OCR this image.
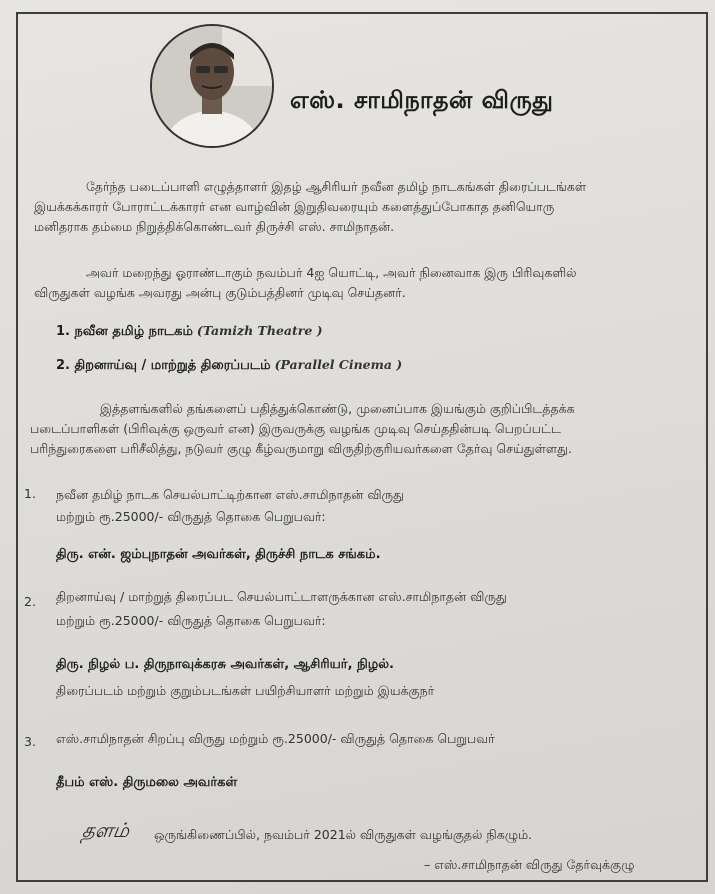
எஸ். சாமிநாதன் விருது
தேர்ந்த படைப்பாளி எழுத்தாளர் இதழ் ஆசிரியர் நவீன தமிழ் நாடகங்கள் திரைப்படங்கள்
இயக்கக்காரர் போராட்டக்காரர் என வாழ்வின் இறுதிவரையும் களைத்துப்போகாத தனியொரு
மனிதராக தம்மை நிறுத்திக்கொண்டவர் திருச்சி எஸ். சாமிநாதன்.
அவர் மறைந்து ஓராண்டாகும் நவம்பர் 4ஐ யொட்டி, அவர் நினைவாக இரு பிரிவுகளில்
விருதுகள் வழங்க அவரது அன்பு குடும்பத்தினர் முடிவு செய்தனர்.
1. நவீன தமிழ் நாடகம் (Tamizh Theatre )
2. திறனாய்வு / மாற்றுத் திரைப்படம் (Parallel Cinema )
இத்தளங்களில் தங்களைப் பதித்துக்கொண்டு, முனைப்பாக இயங்கும் குறிப்பிடத்தக்க
படைப்பாளிகள் (பிரிவுக்கு ஒருவர் என) இருவருக்கு வழங்க முடிவு செய்ததின்படி பெறப்பட்ட
பரிந்துரைகளை பரிசீலித்து, நடுவர் குழு கீழ்வருமாறு விருதிற்குரியவர்களை தேர்வு செய்துள்ளது.
1. நவீன தமிழ் நாடக செயல்பாட்டிற்கான எஸ்.சாமிநாதன் விருது
மற்றும் ரூ.25000/- விருதுத் தொகை பெறுபவர்:
திரு. என். ஜம்புநாதன் அவர்கள், திருச்சி நாடக சங்கம்.
2. திறனாய்வு / மாற்றுத் திரைப்பட செயல்பாட்டாளருக்கான எஸ்.சாமிநாதன் விருது
மற்றும் ரூ.25000/- விருதுத் தொகை பெறுபவர்:
திரு. நிழல் ப. திருநாவுக்கரசு அவர்கள், ஆசிரியர், நிழல்.
திரைப்படம் மற்றும் குறும்படங்கள் பயிற்சியாளர் மற்றும் இயக்குநர்
3. எஸ்.சாமிநாதன் சிறப்பு விருது மற்றும் ரூ.25000/- விருதுத் தொகை பெறுபவர்
தீபம் எஸ். திருமலை அவர்கள்
தளம் ஒருங்கிணைப்பில், நவம்பர் 2021ல் விருதுகள் வழங்குதல் நிகழும்.
– எஸ்.சாமிநாதன் விருது தேர்வுக்குழு
